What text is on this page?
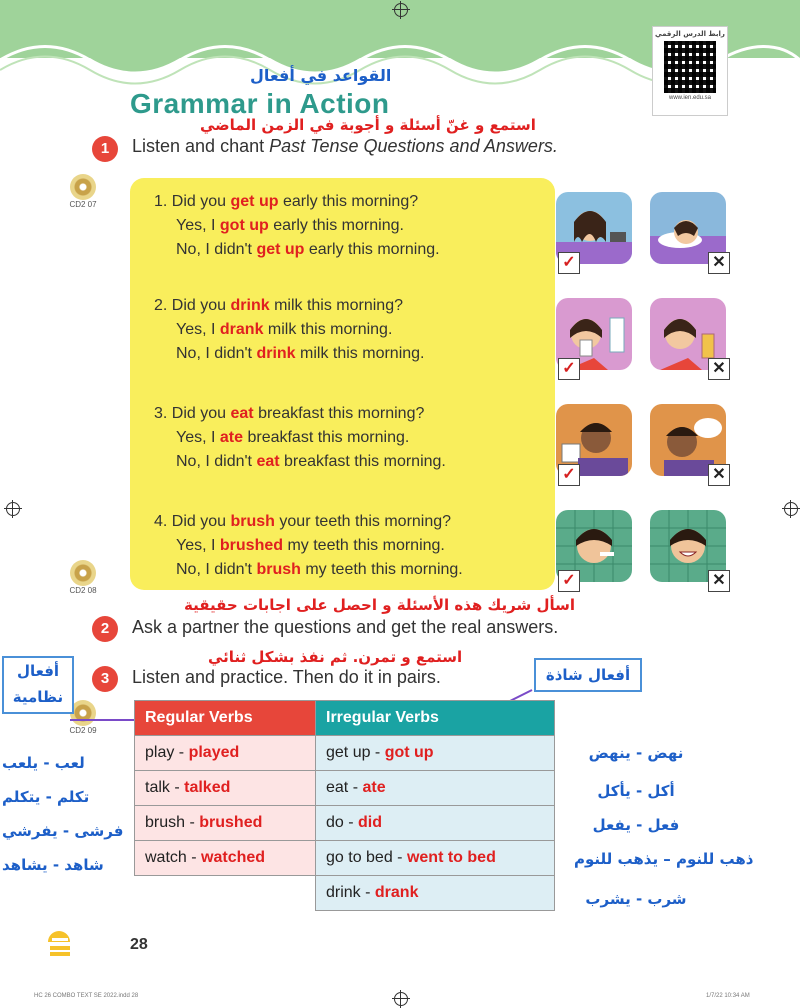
رابط الدرس الرقمي
www.ien.edu.sa
القواعد في أفعال
Grammar in Action
استمع و غنّ أسئلة و أجوبة في الزمن الماضي
1	Listen and chant Past Tense Questions and Answers.
CD2 07	1. Did you get up early this morning?
Yes, I got up early this morning.
No, I didn't get up early this morning.
2. Did you drink milk this morning?
Yes, I drank milk this morning.
No, I didn't drink milk this morning.
3. Did you eat breakfast this morning?
Yes, I ate breakfast this morning.
No, I didn't eat breakfast this morning.
4. Did you brush your teeth this morning?
Yes, I brushed my teeth this morning.
No, I didn't brush my teeth this morning.
✓	✕
✓	✕
✓	✕
✓	✕
CD2 08
اسأل شريك هذه الأسئلة و احصل على اجابات حقيقية
2	Ask a partner the questions and get the real answers.
استمع و تمرن. ثم نفذ بشكل ثنائي
3	Listen and practice. Then do it in pairs.
CD2 09
أفعال نظامية
أفعال شاذة
Regular Verbs	Irregular Verbs
play - played	get up - got up
talk - talked	eat - ate
brush - brushed	do - did
watch - watched	go to bed - went to bed
	drink - drank
لعب - يلعب
تكلم - يتكلم
فرشى - يفرشي
شاهد - يشاهد
نهض - ينهض
أكل - يأكل
فعل - يفعل
ذهب للنوم – يذهب للنوم
شرب - يشرب
28
HC 26 COMBO TEXT SE 2022.indd 28	1/7/22 10:34 AM
